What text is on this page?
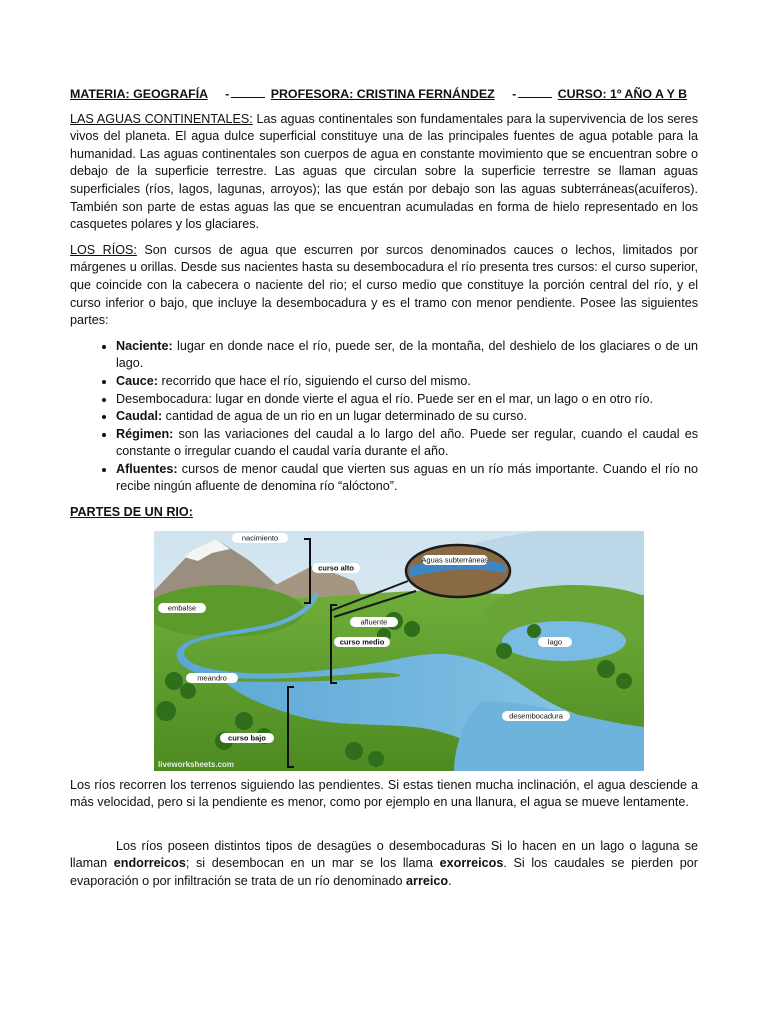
MATERIA: GEOGRAFÍA -	PROFESORA: CRISTINA FERNÁNDEZ -	CURSO: 1º AÑO A Y B

LAS AGUAS CONTINENTALES: Las aguas continentales son fundamentales para la supervivencia de los seres vivos del planeta. El agua dulce superficial constituye una de las principales fuentes de agua potable para la humanidad. Las aguas continentales son cuerpos de agua en constante movimiento que se encuentran sobre o debajo de la superficie terrestre. Las aguas que circulan sobre la superficie terrestre se llaman aguas superficiales (ríos, lagos, lagunas, arroyos); las que están por debajo son las aguas subterráneas(acuíferos). También son parte de estas aguas las que se encuentran acumuladas en forma de hielo representado en los casquetes polares y los glaciares.

LOS RÍOS: Son cursos de agua que escurren por surcos denominados cauces o lechos, limitados por márgenes u orillas. Desde sus nacientes hasta su desembocadura el río presenta tres cursos: el curso superior, que coincide con la cabecera o naciente del rio; el curso medio que constituye la porción central del río, y el curso inferior o bajo, que incluye la desembocadura y es el tramo con menor pendiente. Posee las siguientes partes:

• Naciente: lugar en donde nace el río, puede ser, de la montaña, del deshielo de los glaciares o de un lago.
• Cauce: recorrido que hace el río, siguiendo el curso del mismo.
• Desembocadura: lugar en donde vierte el agua el río. Puede ser en el mar, un lago o en otro río.
• Caudal: cantidad de agua de un rio en un lugar determinado de su curso.
• Régimen: son las variaciones del caudal a lo largo del año. Puede ser regular, cuando el caudal es constante o irregular cuando el caudal varía durante el año.
• Afluentes: cursos de menor caudal que vierten sus aguas en un río más importante. Cuando el río no recibe ningún afluente de denomina río “alóctono”.
PARTES DE UN RIO:
nacimiento
curso alto
Aguas subterráneas
afluente
embalse
curso medio	lago
meandro
desembocadura
curso bajo
liveworksheets.com

Los ríos recorren los terrenos siguiendo las pendientes. Si estas tienen mucha inclinación, el agua desciende a más velocidad, pero si la pendiente es menor, como por ejemplo en una llanura, el agua se mueve lentamente.

Los ríos poseen distintos tipos de desagües o desembocaduras Si lo hacen en un lago o laguna se llaman endorreicos; si desembocan en un mar se los llama exorreicos. Si los caudales se pierden por evaporación o por infiltración se trata de un río denominado arreico.
